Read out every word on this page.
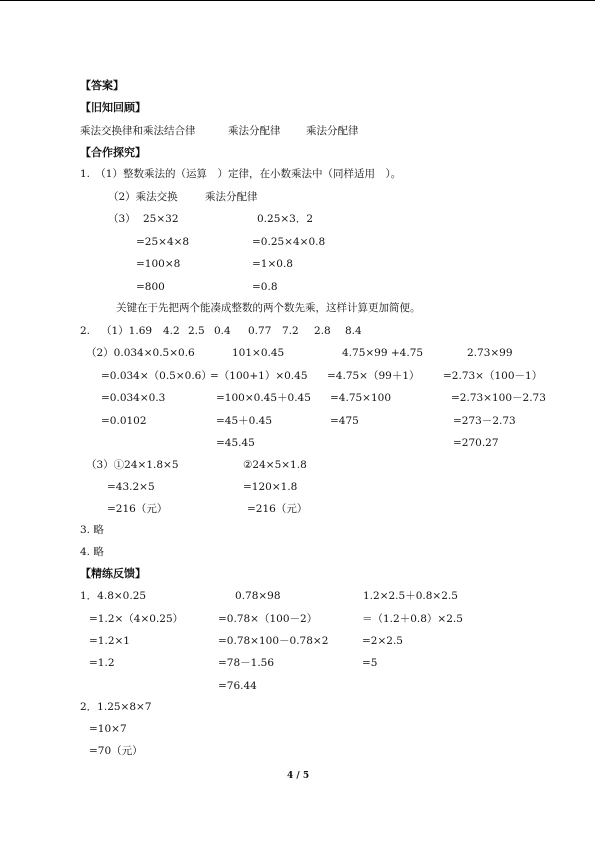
【答案】
【旧知回顾】
乘法交换律和乘法结合律	乘法分配律 乘法分配律
【合作探究】
1.　（1）整数乘法的（运算　）定律，在小数乘法中（同样适用　）。
（2）乘法交换	乘法分配律
（3） 25×32
=25×4×8
=100×8
=800
0.25×3．2
=0.25×4×0.8
=1×0.8
=0.8
关键在于先把两个能凑成整数的两个数先乘，这样计算更加简便。
2. （1）1.69 4.2 2.5 0.4 0.77 7.2 2.8 8.4
（2）0.034×0.5×0.6
=0.034×（0.5×0.6）
=0.034×0.3
=0.0102
101×0.45
=（100+1）×0.45
=100×0.45＋0.45
=45＋0.45
=45.45
4.75×99 +4.75
=4.75×（99＋1）
=4.75×100
=475
2.73×99
=2.73×（100－1）
=2.73×100－2.73
=273－2.73
=270.27
（3）①24×1.8×5
=43.2×5
=216（元）
②24×5×1.8
=120×1.8
=216（元）
3. 略
4. 略
【精练反馈】
1．4.8×0.25
=1.2×（4×0.25）
=1.2×1
=1.2
0.78×98
=0.78×（100－2）
=0.78×100－0.78×2
=78－1.56
=76.44
1.2×2.5＋0.8×2.5
＝（1.2＋0.8）×2.5
=2×2.5
=5
2．1.25×8×7
=10×7
=70（元）
4 / 5
